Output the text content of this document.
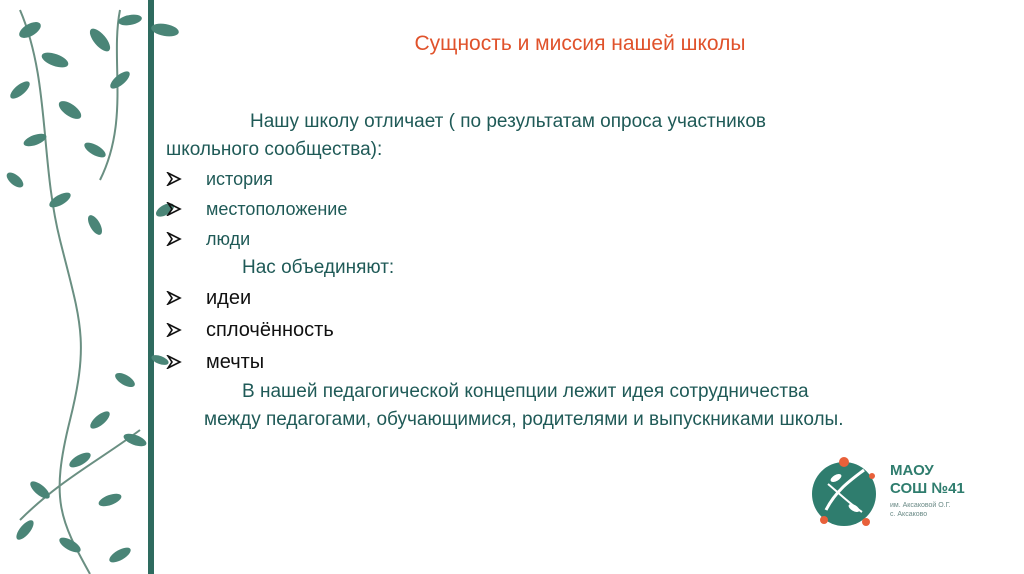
Сущность и миссия нашей школы

Нашу школу отличает ( по результатам опроса участников

школьного сообщества):

история
местоположение
люди

Нас объединяют:

идеи
сплочённость
мечты

В нашей педагогической концепции лежит идея сотрудничества

между педагогами, обучающимися, родителями и выпускниками школы.

МАОУ
СОШ №41
им. Аксаковой О.Г.
с. Аксаково
